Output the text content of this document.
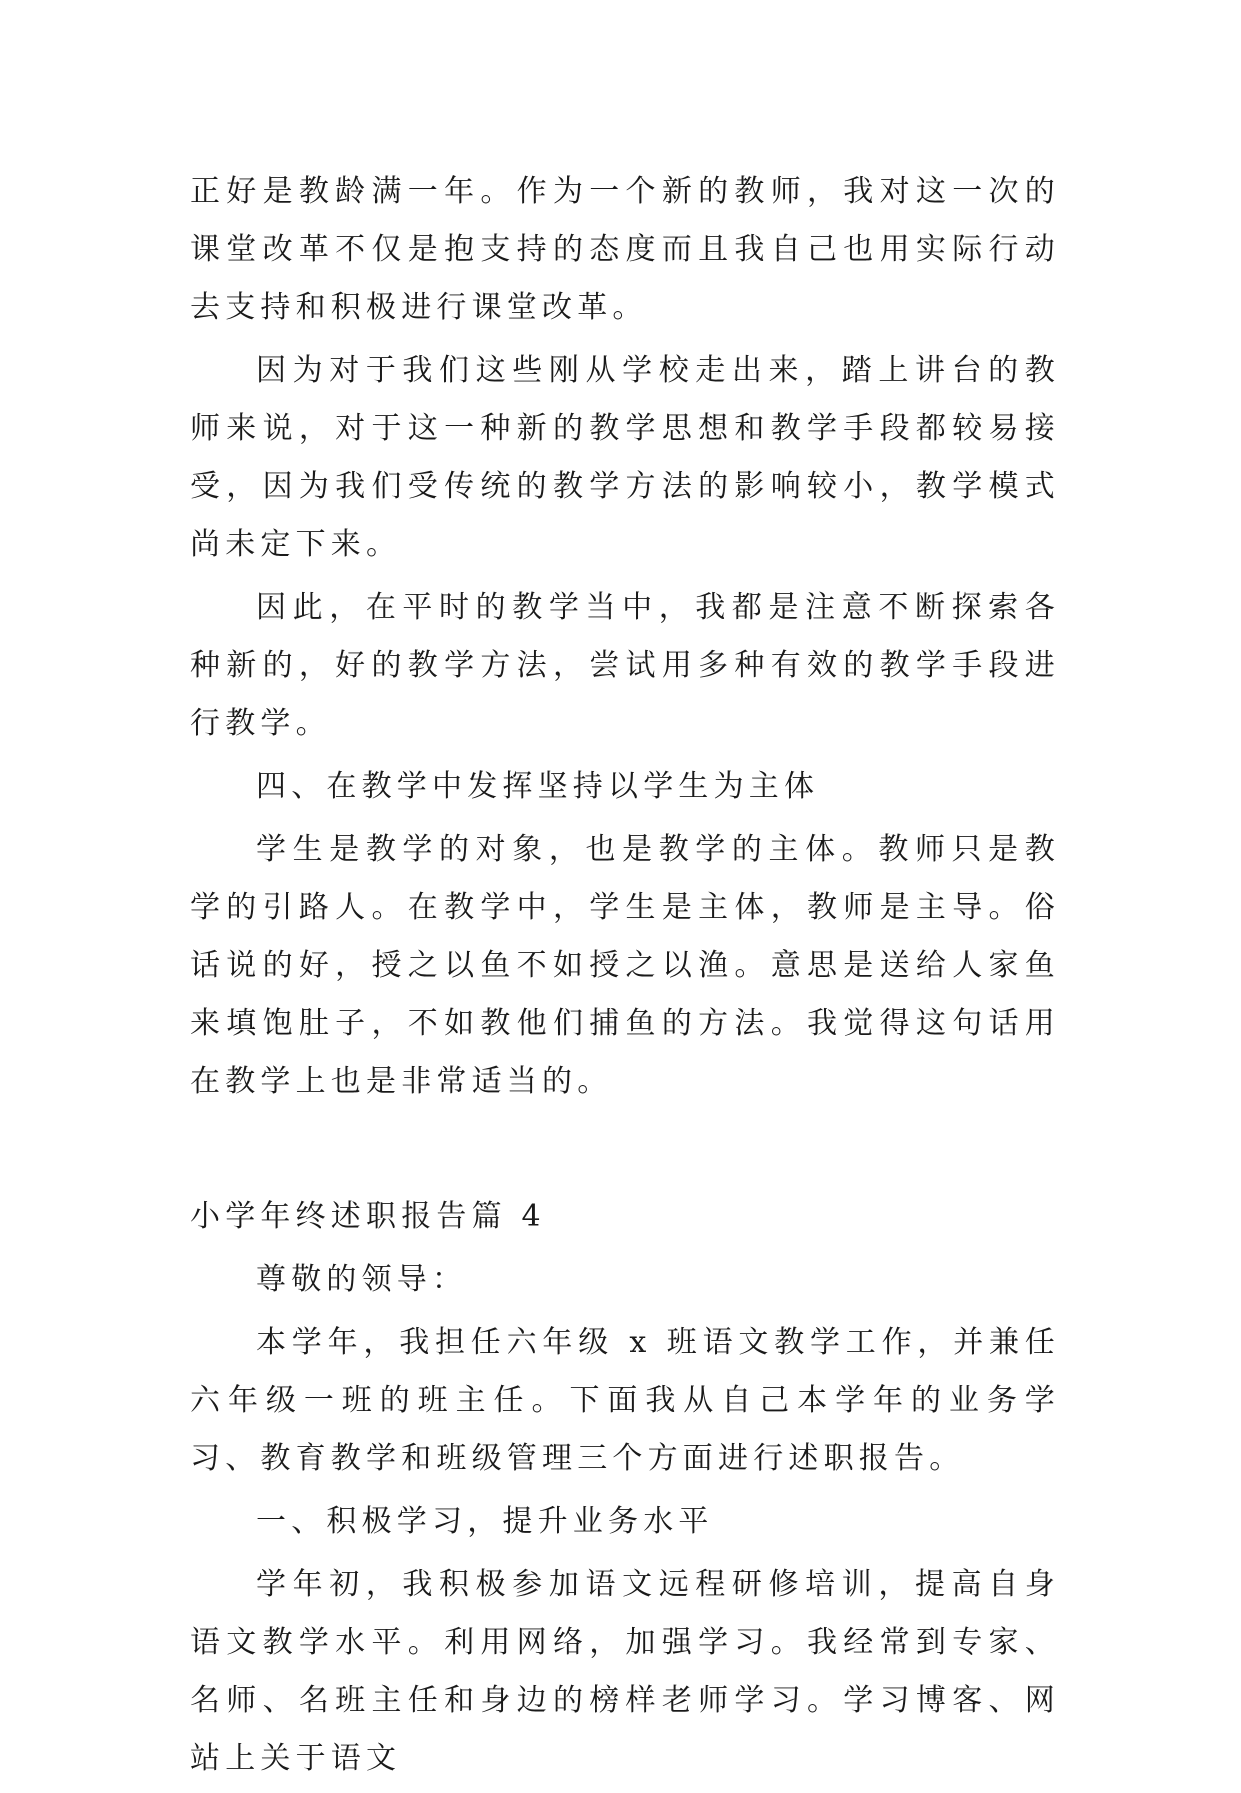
正好是教龄满一年。作为一个新的教师，我对这一次的课堂改革不仅是抱支持的态度而且我自己也用实际行动去支持和积极进行课堂改革。

因为对于我们这些刚从学校走出来，踏上讲台的教师来说，对于这一种新的教学思想和教学手段都较易接受，因为我们受传统的教学方法的影响较小，教学模式尚未定下来。

因此，在平时的教学当中，我都是注意不断探索各种新的，好的教学方法，尝试用多种有效的教学手段进行教学。

四、在教学中发挥坚持以学生为主体

学生是教学的对象，也是教学的主体。教师只是教学的引路人。在教学中，学生是主体，教师是主导。俗话说的好，授之以鱼不如授之以渔。意思是送给人家鱼来填饱肚子，不如教他们捕鱼的方法。我觉得这句话用在教学上也是非常适当的。

小学年终述职报告篇 4

尊敬的领导：

本学年，我担任六年级 x 班语文教学工作，并兼任六年级一班的班主任。下面我从自己本学年的业务学习、教育教学和班级管理三个方面进行述职报告。

一、积极学习，提升业务水平

学年初，我积极参加语文远程研修培训，提高自身语文教学水平。利用网络，加强学习。我经常到专家、名师、名班主任和身边的榜样老师学习。学习博客、网站上关于语文
